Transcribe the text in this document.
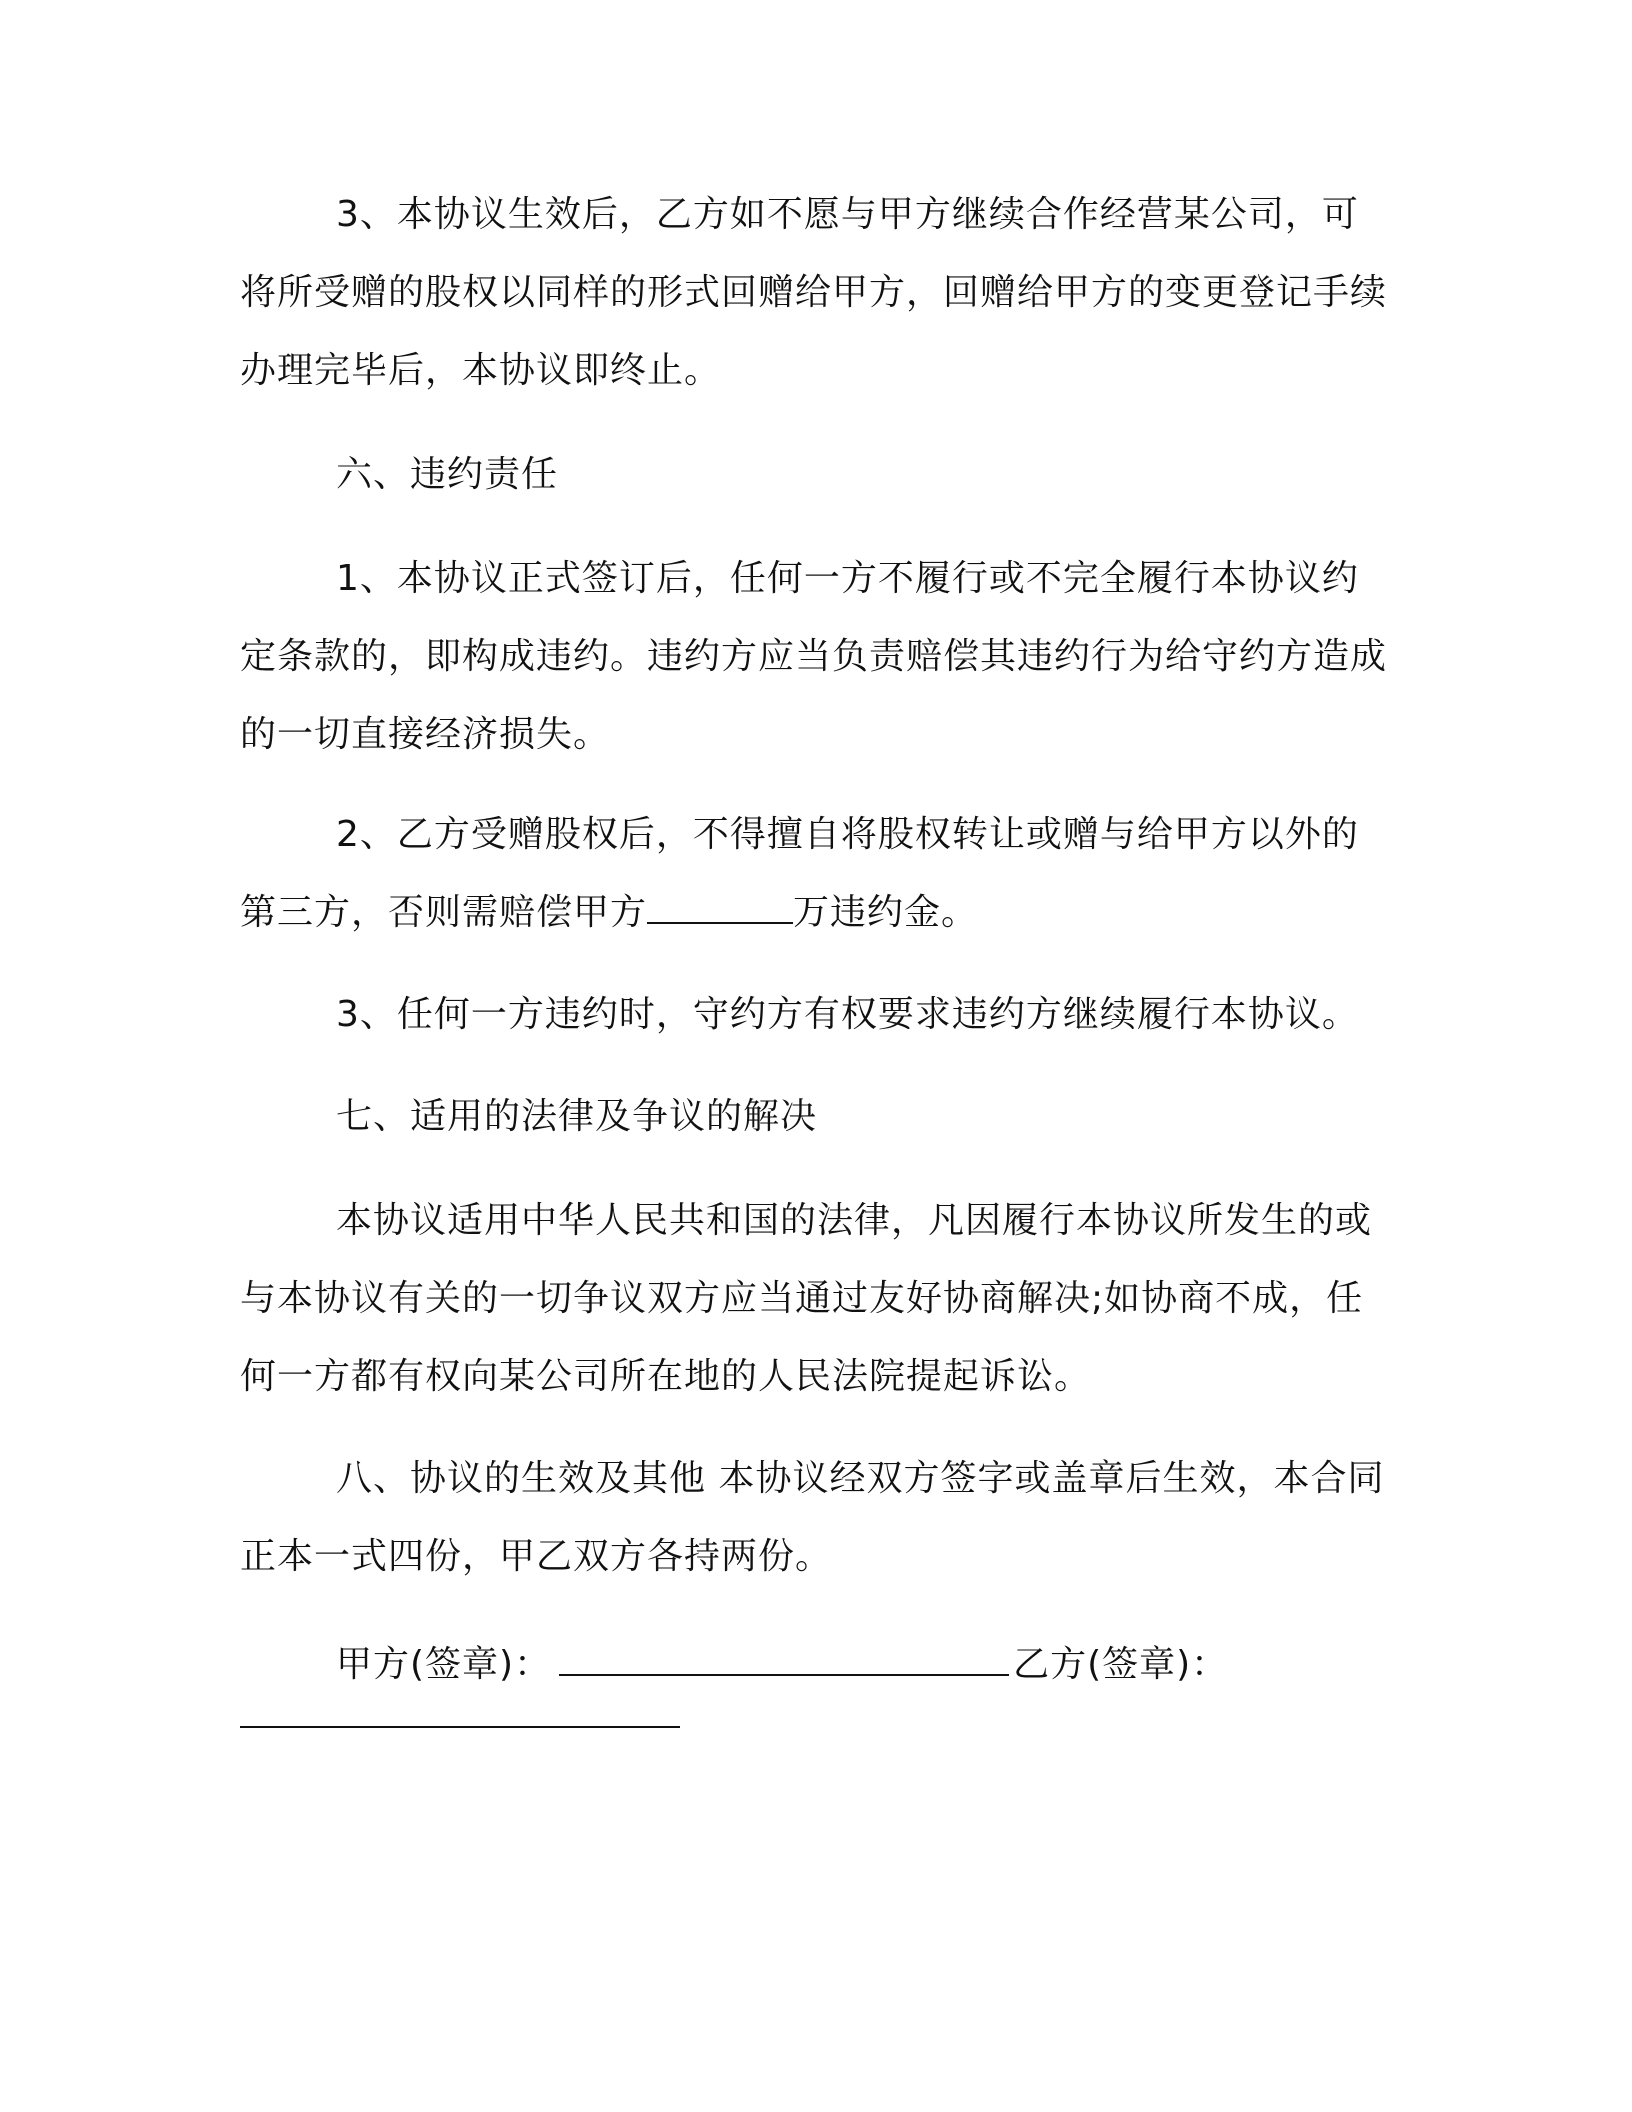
3、本协议生效后，乙方如不愿与甲方继续合作经营某公司，可将所受赠的股权以同样的形式回赠给甲方，回赠给甲方的变更登记手续办理完毕后，本协议即终止。

六、违约责任

1、本协议正式签订后，任何一方不履行或不完全履行本协议约定条款的，即构成违约。违约方应当负责赔偿其违约行为给守约方造成的一切直接经济损失。

2、乙方受赠股权后，不得擅自将股权转让或赠与给甲方以外的第三方，否则需赔偿甲方	万违约金。

3、任何一方违约时，守约方有权要求违约方继续履行本协议。

七、适用的法律及争议的解决

本协议适用中华人民共和国的法律，凡因履行本协议所发生的或与本协议有关的一切争议双方应当通过友好协商解决;如协商不成，任何一方都有权向某公司所在地的人民法院提起诉讼。

八、协议的生效及其他 本协议经双方签字或盖章后生效，本合同正本一式四份，甲乙双方各持两份。

甲方(签章)：	乙方(签章)：
